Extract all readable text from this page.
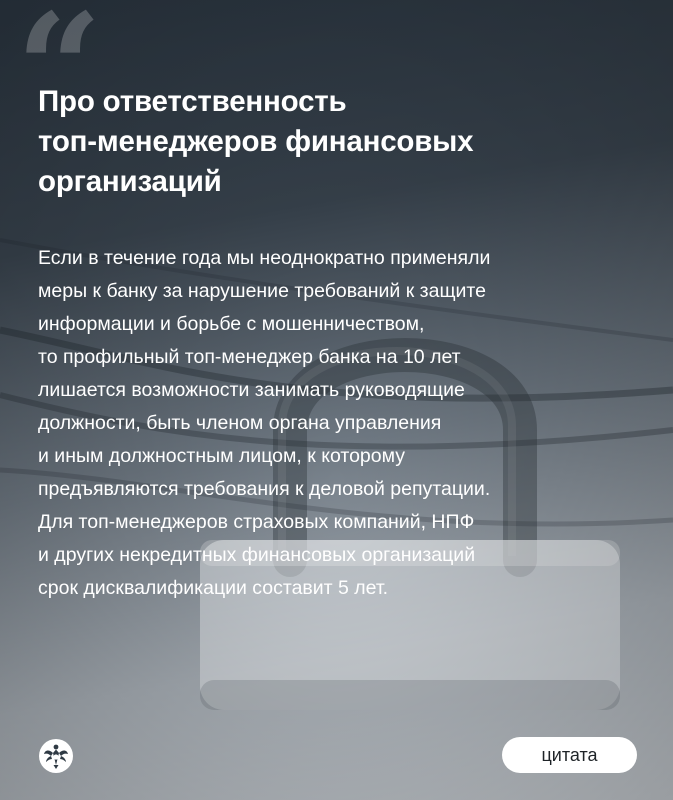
“
Про ответственность
топ-менеджеров финансовых
организаций

Если в течение года мы неоднократно применяли
меры к банку за нарушение требований к защите
информации и борьбе с мошенничеством,
то профильный топ-менеджер банка на 10 лет
лишается возможности занимать руководящие
должности, быть членом органа управления
и иным должностным лицом, к которому
предъявляются требования к деловой репутации.
Для топ-менеджеров страховых компаний, НПФ
и других некредитных финансовых организаций
срок дисквалификации составит 5 лет.

цитата
